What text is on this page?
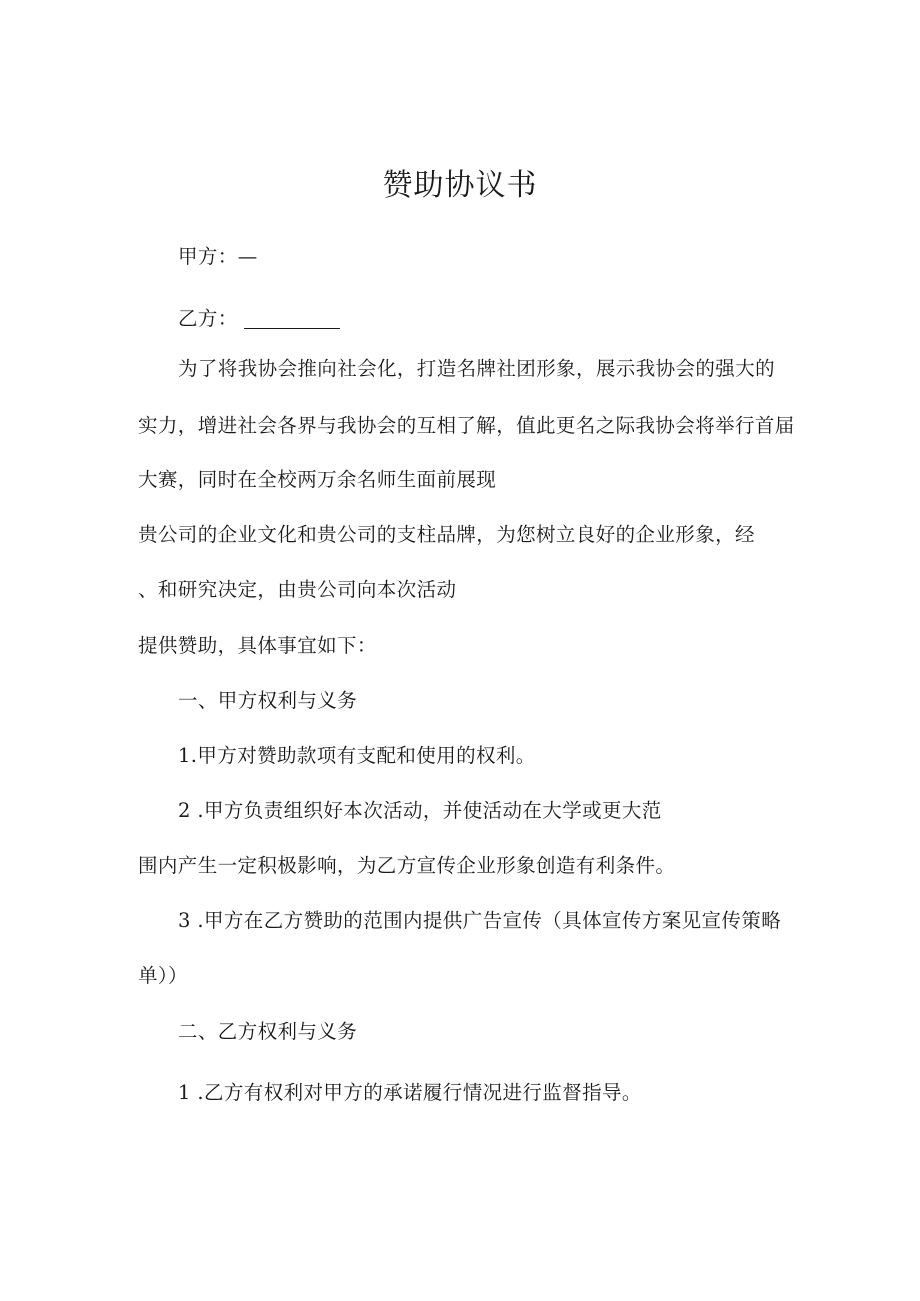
赞助协议书
甲方：—
乙方：
为了将我协会推向社会化，打造名牌社团形象，展示我协会的强大的
实力，增进社会各界与我协会的互相了解，值此更名之际我协会将举行首届
大赛，同时在全校两万余名师生面前展现
贵公司的企业文化和贵公司的支柱品牌，为您树立良好的企业形象，经
、和研究决定，由贵公司向本次活动
提供赞助，具体事宜如下：
一、甲方权利与义务
1.甲方对赞助款项有支配和使用的权利。
2 .甲方负责组织好本次活动，并使活动在大学或更大范
围内产生一定积极影响，为乙方宣传企业形象创造有利条件。
3 .甲方在乙方赞助的范围内提供广告宣传（具体宣传方案见宣传策略
单））
二、乙方权利与义务
1 .乙方有权利对甲方的承诺履行情况进行监督指导。
